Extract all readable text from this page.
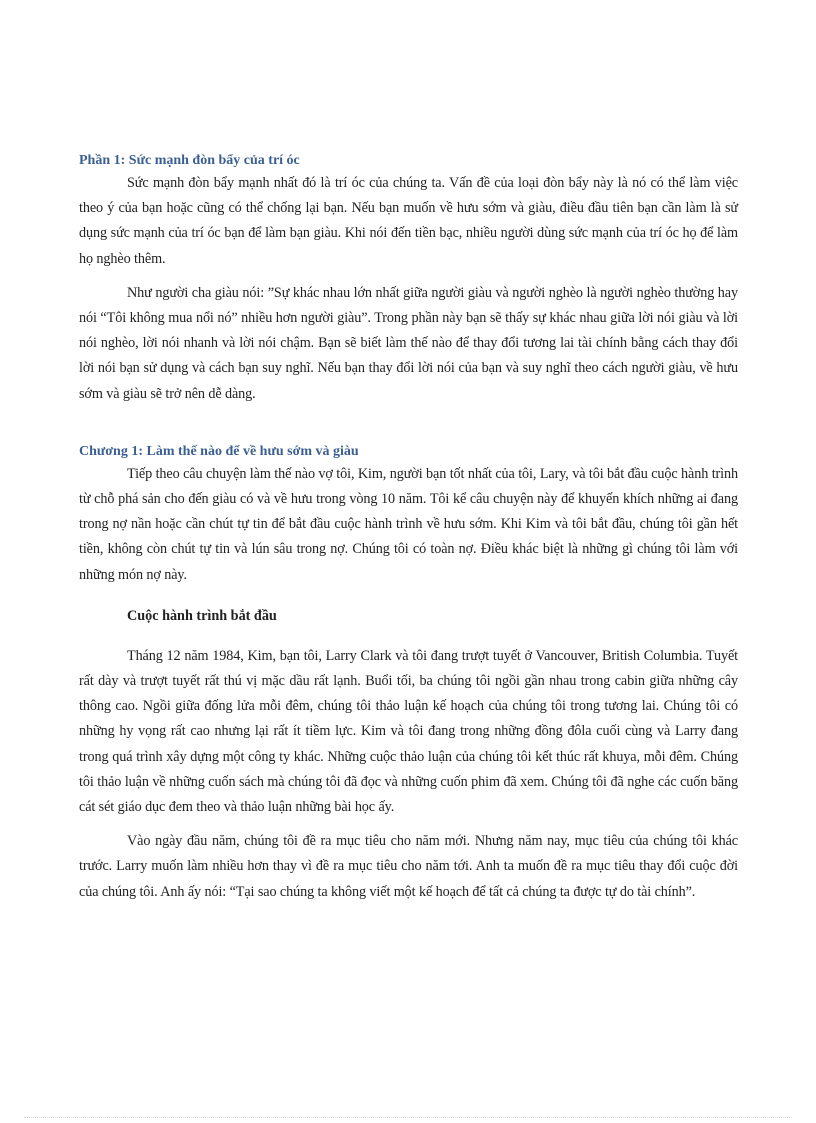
Phần 1: Sức mạnh đòn bẩy của trí óc

Sức mạnh đòn bẩy mạnh nhất đó là trí óc của chúng ta. Vấn đề của loại đòn bẩy này là nó có thể làm việc theo ý của bạn hoặc cũng có thể chống lại bạn. Nếu bạn muốn về hưu sớm và giàu, điều đầu tiên bạn cần làm là sử dụng sức mạnh của trí óc bạn để làm bạn giàu. Khi nói đến tiền bạc, nhiều người dùng sức mạnh của trí óc họ để làm họ nghèo thêm.

Như người cha giàu nói: ”Sự khác nhau lớn nhất giữa người giàu và người nghèo là người nghèo thường hay nói “Tôi không mua nổi nó” nhiều hơn người giàu”. Trong phần này bạn sẽ thấy sự khác nhau giữa lời nói giàu và lời nói nghèo, lời nói nhanh và lời nói chậm. Bạn sẽ biết làm thế nào để thay đổi tương lai tài chính bằng cách thay đổi lời nói bạn sử dụng và cách bạn suy nghĩ. Nếu bạn thay đổi lời nói của bạn và suy nghĩ theo cách người giàu, về hưu sớm và giàu sẽ trở nên dễ dàng.

Chương 1: Làm thế nào để về hưu sớm và giàu

Tiếp theo câu chuyện làm thế nào vợ tôi, Kim, người bạn tốt nhất của tôi, Lary, và tôi bắt đầu cuộc hành trình từ chỗ phá sản cho đến giàu có và về hưu trong vòng 10 năm. Tôi kể câu chuyện này để khuyến khích những ai đang trong nợ nần hoặc cần chút tự tin để bắt đầu cuộc hành trình về hưu sớm. Khi Kim và tôi bắt đầu, chúng tôi gần hết tiền, không còn chút tự tin và lún sâu trong nợ. Chúng tôi có toàn nợ. Điều khác biệt là những gì chúng tôi làm với những món nợ này.

Cuộc hành trình bắt đầu

Tháng 12 năm 1984, Kim, bạn tôi, Larry Clark và tôi đang trượt tuyết ở Vancouver, British Columbia. Tuyết rất dày và trượt tuyết rất thú vị mặc dầu rất lạnh. Buổi tối, ba chúng tôi ngồi gần nhau trong cabin giữa những cây thông cao. Ngồi giữa đống lửa mỗi đêm, chúng tôi thảo luận kế hoạch của chúng tôi trong tương lai. Chúng tôi có những hy vọng rất cao nhưng lại rất ít tiềm lực. Kim và tôi đang trong những đồng đôla cuối cùng và Larry đang trong quá trình xây dựng một công ty khác. Những cuộc thảo luận của chúng tôi kết thúc rất khuya, mỗi đêm. Chúng tôi thảo luận về những cuốn sách mà chúng tôi đã đọc và những cuốn phim đã xem. Chúng tôi đã nghe các cuốn băng cát sét giáo dục đem theo và thảo luận những bài học ấy.

Vào ngày đầu năm, chúng tôi đề ra mục tiêu cho năm mới. Nhưng năm nay, mục tiêu của chúng tôi khác trước. Larry muốn làm nhiều hơn thay vì đề ra mục tiêu cho năm tới. Anh ta muốn đề ra mục tiêu thay đổi cuộc đời của chúng tôi. Anh ấy nói: “Tại sao chúng ta không viết một kế hoạch để tất cả chúng ta được tự do tài chính”.
